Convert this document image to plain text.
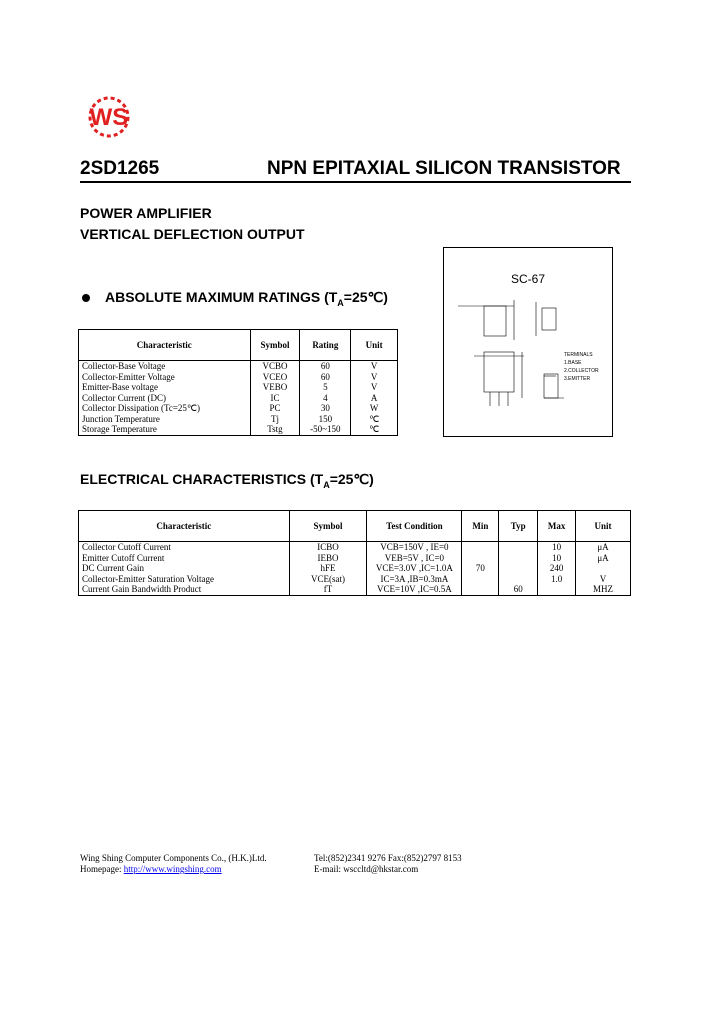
WS
2SD1265	NPN EPITAXIAL SILICON TRANSISTOR
POWER AMPLIFIER
VERTICAL DEFLECTION OUTPUT
SC-67
TERMINALS
1.BASE
2.COLLECTOR
3.EMITTER
ABSOLUTE MAXIMUM RATINGS $(T_A=25℃)$
Characteristic	Symbol	Rating	Unit
Collector-Base Voltage	VCBO	60	V
Collector-Emitter Voltage	VCEO	60	V
Emitter-Base voltage	VEBO	5	V
Collector Current (DC)	IC	4	A
Collector Dissipation (Tc=25℃)	PC	30	W
Junction Temperature	Tj	150	℃
Storage Temperature	Tstg	-50~150	℃
ELECTRICAL CHARACTERISTICS $(T_A=25℃)$
Characteristic	Symbol	Test Condition	Min	Typ	Max	Unit
Collector Cutoff Current	ICBO	VCB=150V , IE=0			10	μA
Emitter Cutoff Current	IEBO	VEB=5V , IC=0			10	μA
DC Current Gain	hFE	VCE=3.0V ,IC=1.0A	70		240	
Collector-Emitter Saturation Voltage	VCE(sat)	IC=3A ,IB=0.3mA			1.0	V
Current Gain Bandwidth Product	fT	VCE=10V ,IC=0.5A		60		MHZ
Wing Shing Computer Components Co., (H.K.)Ltd.	Tel:(852)2341 9276 Fax:(852)2797 8153
Homepage: http://www.wingshing.com	E-mail: wsccltd@hkstar.com
